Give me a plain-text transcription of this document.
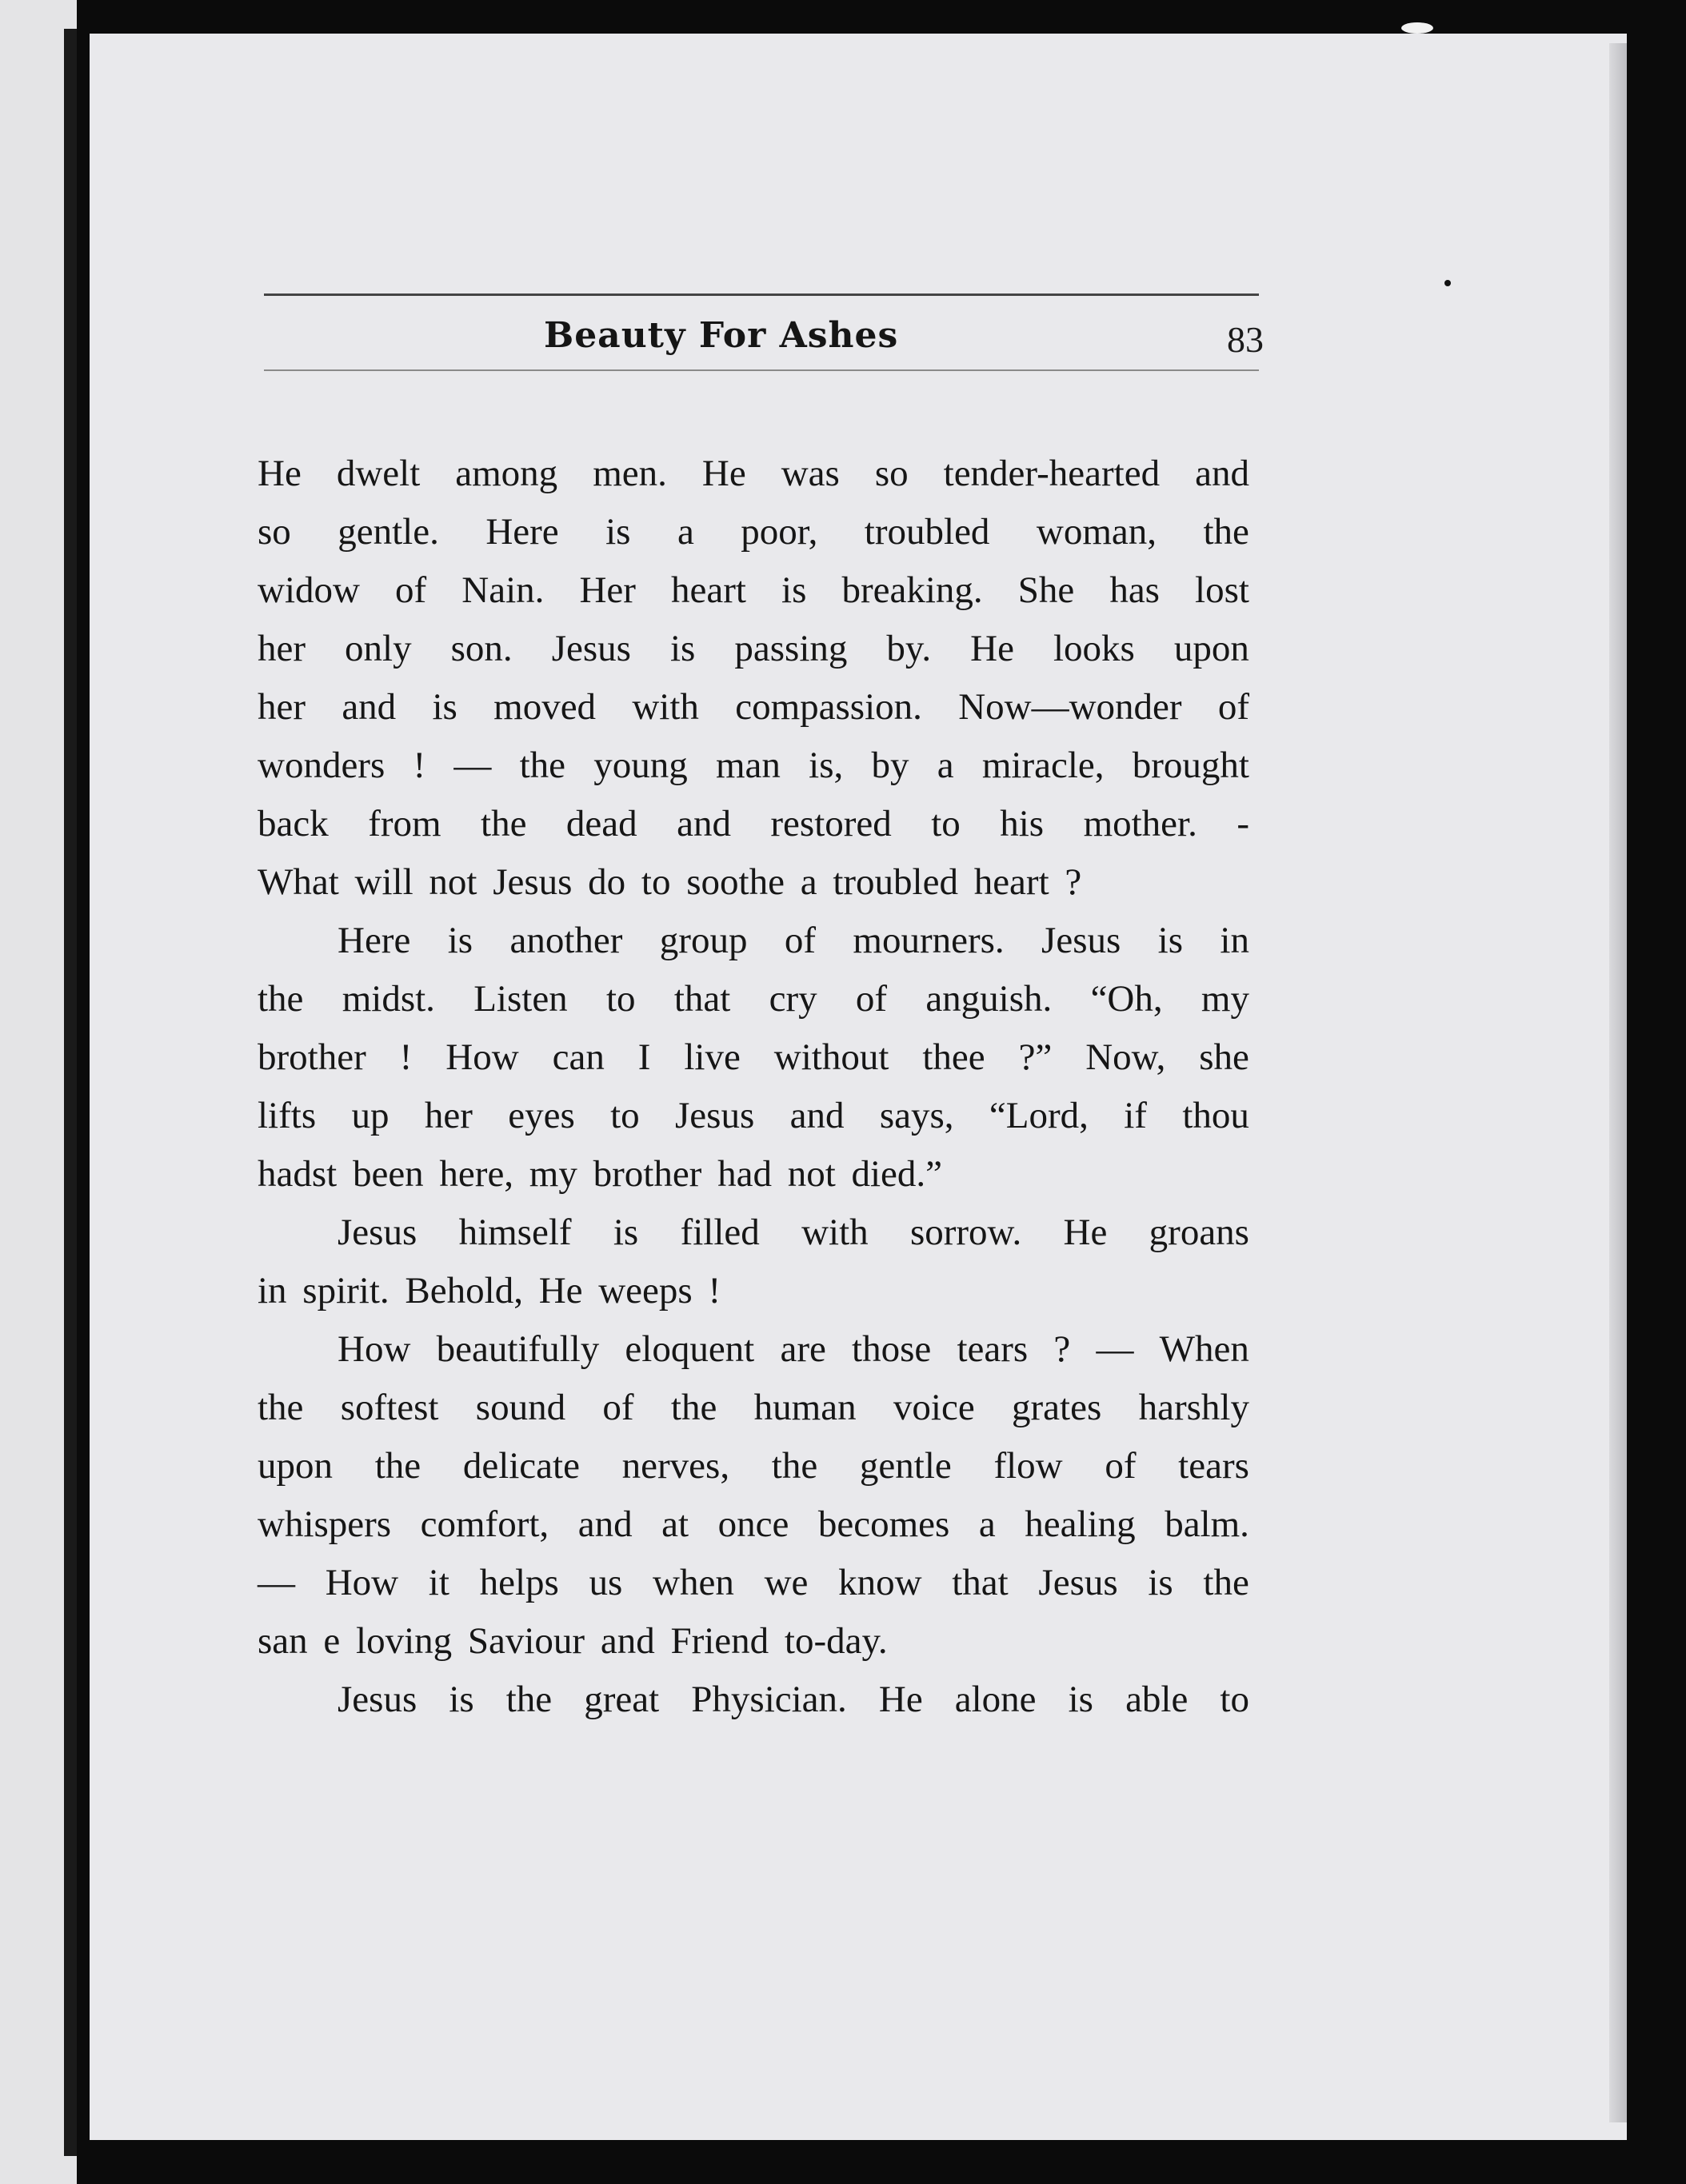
Beauty For Ashes	83
He dwelt among men. He was so tender-hearted and
so gentle. Here is a poor, troubled woman, the
widow of Nain. Her heart is breaking. She has lost
her only son. Jesus is passing by. He looks upon
her and is moved with compassion. Now—wonder of
wonders ! — the young man is, by a miracle, brought
back from the dead and restored to his mother. -
What will not Jesus do to soothe a troubled heart ?
Here is another group of mourners. Jesus is in
the midst. Listen to that cry of anguish. “Oh, my
brother ! How can I live without thee ?” Now, she
lifts up her eyes to Jesus and says, “Lord, if thou
hadst been here, my brother had not died.”
Jesus himself is filled with sorrow. He groans
in spirit. Behold, He weeps !
How beautifully eloquent are those tears ? — When
the softest sound of the human voice grates harshly
upon the delicate nerves, the gentle flow of tears
whispers comfort, and at once becomes a healing balm.
— How it helps us when we know that Jesus is the
san e loving Saviour and Friend to-day.
Jesus is the great Physician. He alone is able to
